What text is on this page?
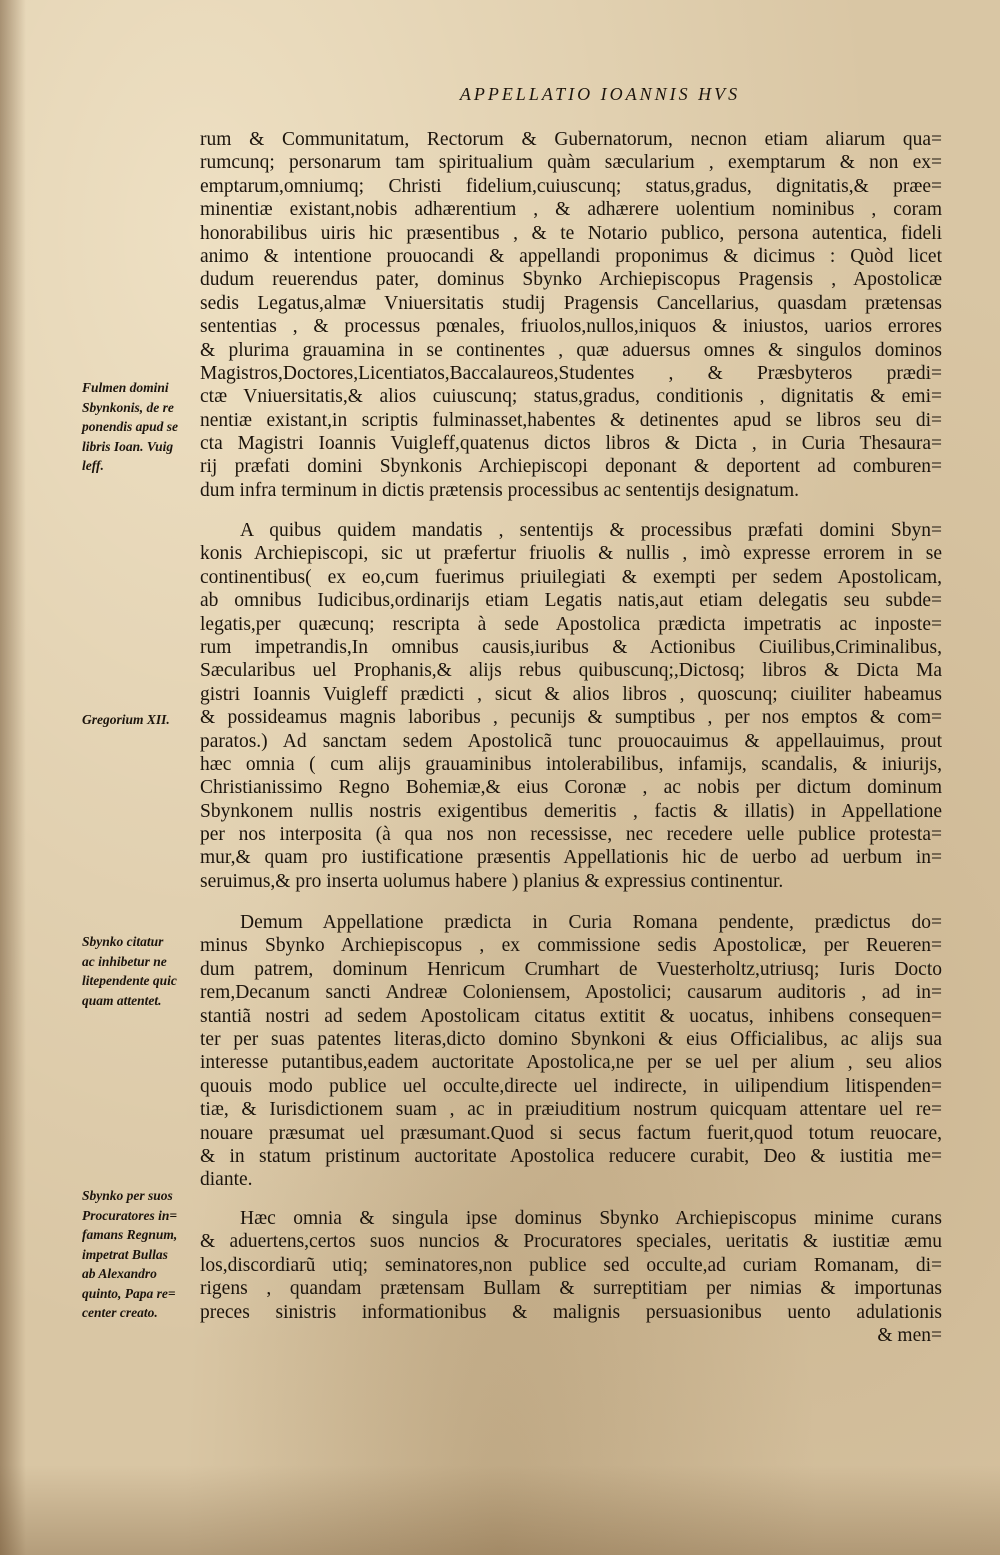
APPELLATIO IOANNIS HVS
rum & Communitatum, Rectorum & Gubernatorum, necnon etiam aliarum qua=
rumcunq; personarum tam spiritualium quàm sæcularium , exemptarum & non ex=
emptarum,omniumq; Christi fidelium,cuiuscunq; status,gradus, dignitatis,& præe=
minentiæ existant,nobis adhærentium , & adhærere uolentium nominibus , coram
honorabilibus uiris hic præsentibus , & te Notario publico, persona autentica, fideli
animo & intentione prouocandi & appellandi proponimus & dicimus : Quòd licet
dudum reuerendus pater, dominus Sbynko Archiepiscopus Pragensis , Apostolicæ
sedis Legatus,almæ Vniuersitatis studij Pragensis Cancellarius, quasdam prætensas
sententias , & processus pœnales, friuolos,nullos,iniquos & iniustos, uarios errores
& plurima grauamina in se continentes , quæ aduersus omnes & singulos dominos
Magistros,Doctores,Licentiatos,Baccalaureos,Studentes , & Præsbyteros prædi=
ctæ Vniuersitatis,& alios cuiuscunq; status,gradus, conditionis , dignitatis & emi=
nentiæ existant,in scriptis fulminasset,habentes & detinentes apud se libros seu di=
cta Magistri Ioannis Vuigleff,quatenus dictos libros & Dicta , in Curia Thesaura=
rij præfati domini Sbynkonis Archiepiscopi deponant & deportent ad comburen=
dum infra terminum in dictis prætensis processibus ac sententijs designatum.
A quibus quidem mandatis , sententijs & processibus præfati domini Sbyn=
konis Archiepiscopi, sic ut præfertur friuolis & nullis , imò expresse errorem in se
continentibus( ex eo,cum fuerimus priuilegiati & exempti per sedem Apostolicam,
ab omnibus Iudicibus,ordinarijs etiam Legatis natis,aut etiam delegatis seu subde=
legatis,per quæcunq; rescripta à sede Apostolica prædicta impetratis ac inposte=
rum impetrandis,In omnibus causis,iuribus & Actionibus Ciuilibus,Criminalibus,
Sæcularibus uel Prophanis,& alijs rebus quibuscunq;,Dictosq; libros & Dicta Ma
gistri Ioannis Vuigleff prædicti , sicut & alios libros , quoscunq; ciuiliter habeamus
& possideamus magnis laboribus , pecunijs & sumptibus , per nos emptos & com=
paratos.) Ad sanctam sedem Apostolicã tunc prouocauimus & appellauimus, prout
hæc omnia ( cum alijs grauaminibus intolerabilibus, infamijs, scandalis, & iniurijs,
Christianissimo Regno Bohemiæ,& eius Coronæ , ac nobis per dictum dominum
Sbynkonem nullis nostris exigentibus demeritis , factis & illatis) in Appellatione
per nos interposita (à qua nos non recessisse, nec recedere uelle publice protesta=
mur,& quam pro iustificatione præsentis Appellationis hic de uerbo ad uerbum in=
seruimus,& pro inserta uolumus habere ) planius & expressius continentur.
Demum Appellatione prædicta in Curia Romana pendente, prædictus do=
minus Sbynko Archiepiscopus , ex commissione sedis Apostolicæ, per Reueren=
dum patrem, dominum Henricum Crumhart de Vuesterholtz,utriusq; Iuris Docto
rem,Decanum sancti Andreæ Coloniensem, Apostolici; causarum auditoris , ad in=
stantiã nostri ad sedem Apostolicam citatus extitit & uocatus, inhibens consequen=
ter per suas patentes literas,dicto domino Sbynkoni & eius Officialibus, ac alijs sua
interesse putantibus,eadem auctoritate Apostolica,ne per se uel per alium , seu alios
quouis modo publice uel occulte,directe uel indirecte, in uilipendium litispenden=
tiæ, & Iurisdictionem suam , ac in præiuditium nostrum quicquam attentare uel re=
nouare præsumat uel præsumant.Quod si secus factum fuerit,quod totum reuocare,
& in statum pristinum auctoritate Apostolica reducere curabit, Deo & iustitia me=
diante.
Hæc omnia & singula ipse dominus Sbynko Archiepiscopus minime curans
& aduertens,certos suos nuncios & Procuratores speciales, ueritatis & iustitiæ æmu
los,discordiarũ utiq; seminatores,non publice sed occulte,ad curiam Romanam, di=
rigens , quandam prætensam Bullam & surreptitiam per nimias & importunas
preces sinistris informationibus & malignis persuasionibus uento adulationis
& men=
Fulmen domini
Sbynkonis, de re
ponendis apud se
libris Ioan. Vuig
leff.
Gregorium XII.
Sbynko citatur
ac inhibetur ne
litependente quic
quam attentet.
Sbynko per suos
Procuratores in=
famans Regnum,
impetrat Bullas
ab Alexandro
quinto, Papa re=
center creato.
